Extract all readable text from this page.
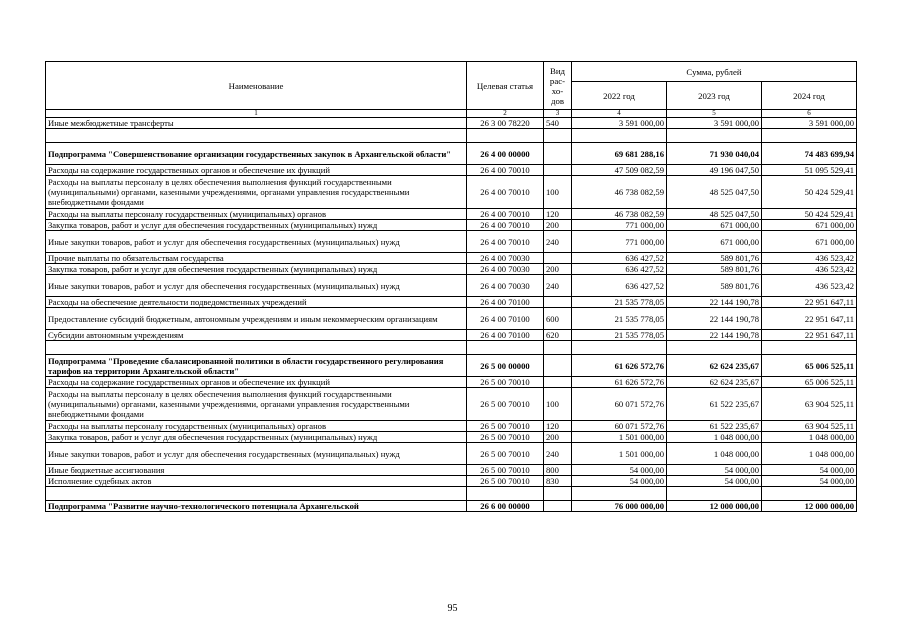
Наименование	Целевая статья	Вид рас-хо-дов	Сумма, рублей		
			2022 год	2023 год	2024 год
1	2	3	4	5	6
Иные межбюджетные трансферты	26 3 00 78220	540	3 591 000,00	3 591 000,00	3 591 000,00

Подпрограмма "Совершенствование организации государственных закупок в Архангельской области"	26 4 00 00000		69 681 288,16	71 930 040,04	74 483 699,94
Расходы на содержание государственных органов и обеспечение их функций	26 4 00 70010		47 509 082,59	49 196 047,50	51 095 529,41
Расходы на выплаты персоналу в целях обеспечения выполнения функций государственными (муниципальными) органами, казенными учреждениями, органами управления государственными внебюджетными фондами	26 4 00 70010	100	46 738 082,59	48 525 047,50	50 424 529,41
Расходы на выплаты персоналу государственных (муниципальных) органов	26 4 00 70010	120	46 738 082,59	48 525 047,50	50 424 529,41
Закупка товаров, работ и услуг для обеспечения государственных (муниципальных) нужд	26 4 00 70010	200	771 000,00	671 000,00	671 000,00
Иные закупки товаров, работ и услуг для обеспечения государственных (муниципальных) нужд	26 4 00 70010	240	771 000,00	671 000,00	671 000,00
Прочие выплаты по обязательствам государства	26 4 00 70030		636 427,52	589 801,76	436 523,42
Закупка товаров, работ и услуг для обеспечения государственных (муниципальных) нужд	26 4 00 70030	200	636 427,52	589 801,76	436 523,42
Иные закупки товаров, работ и услуг для обеспечения государственных (муниципальных) нужд	26 4 00 70030	240	636 427,52	589 801,76	436 523,42
Расходы на обеспечение деятельности подведомственных учреждений	26 4 00 70100		21 535 778,05	22 144 190,78	22 951 647,11
Предоставление субсидий бюджетным, автономным учреждениям и иным некоммерческим организациям	26 4 00 70100	600	21 535 778,05	22 144 190,78	22 951 647,11
Субсидии автономным учреждениям	26 4 00 70100	620	21 535 778,05	22 144 190,78	22 951 647,11

Подпрограмма "Проведение сбалансированной политики в области государственного регулирования тарифов на территории Архангельской области"	26 5 00 00000		61 626 572,76	62 624 235,67	65 006 525,11
Расходы на содержание государственных органов и обеспечение их функций	26 5 00 70010		61 626 572,76	62 624 235,67	65 006 525,11
Расходы на выплаты персоналу в целях обеспечения выполнения функций государственными (муниципальными) органами, казенными учреждениями, органами управления государственными внебюджетными фондами	26 5 00 70010	100	60 071 572,76	61 522 235,67	63 904 525,11
Расходы на выплаты персоналу государственных (муниципальных) органов	26 5 00 70010	120	60 071 572,76	61 522 235,67	63 904 525,11
Закупка товаров, работ и услуг для обеспечения государственных (муниципальных) нужд	26 5 00 70010	200	1 501 000,00	1 048 000,00	1 048 000,00
Иные закупки товаров, работ и услуг для обеспечения государственных (муниципальных) нужд	26 5 00 70010	240	1 501 000,00	1 048 000,00	1 048 000,00
Иные бюджетные ассигнования	26 5 00 70010	800	54 000,00	54 000,00	54 000,00
Исполнение судебных актов	26 5 00 70010	830	54 000,00	54 000,00	54 000,00

Подпрограмма "Развитие научно-технологического потенциала Архангельской	26 6 00 00000		76 000 000,00	12 000 000,00	12 000 000,00
95
